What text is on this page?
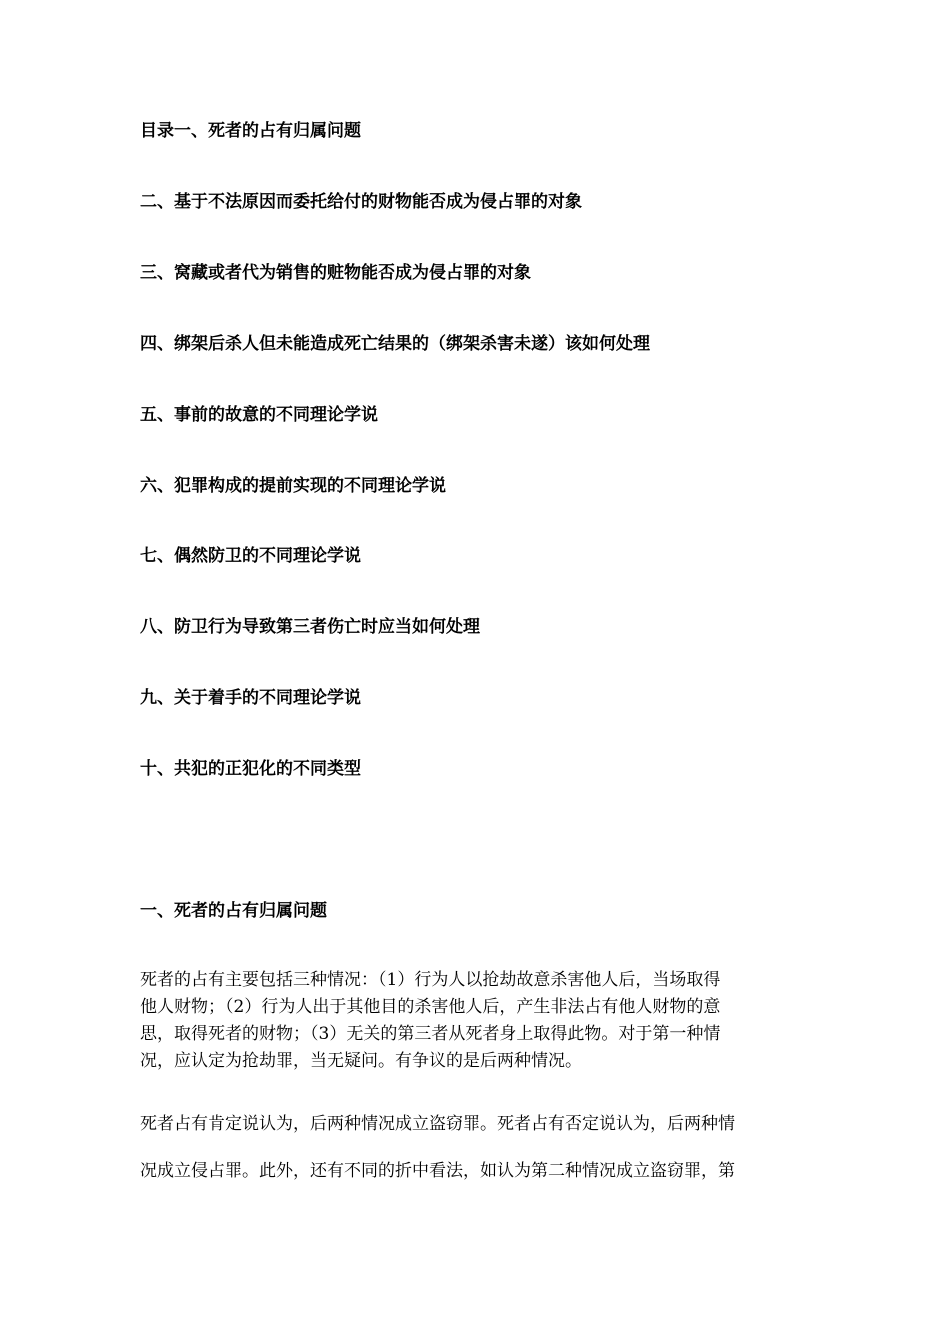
目录一、死者的占有归属问题
二、基于不法原因而委托给付的财物能否成为侵占罪的对象
三、窝藏或者代为销售的赃物能否成为侵占罪的对象
四、绑架后杀人但未能造成死亡结果的（绑架杀害未遂）该如何处理
五、事前的故意的不同理论学说
六、犯罪构成的提前实现的不同理论学说
七、偶然防卫的不同理论学说
八、防卫行为导致第三者伤亡时应当如何处理
九、关于着手的不同理论学说
十、共犯的正犯化的不同类型
一、死者的占有归属问题
死者的占有主要包括三种情况：（1）行为人以抢劫故意杀害他人后，当场取得
他人财物；（2）行为人出于其他目的杀害他人后，产生非法占有他人财物的意
思，取得死者的财物；（3）无关的第三者从死者身上取得此物。对于第一种情
况，应认定为抢劫罪，当无疑问。有争议的是后两种情况。
死者占有肯定说认为，后两种情况成立盗窃罪。死者占有否定说认为，后两种情
况成立侵占罪。此外，还有不同的折中看法，如认为第二种情况成立盗窃罪，第
